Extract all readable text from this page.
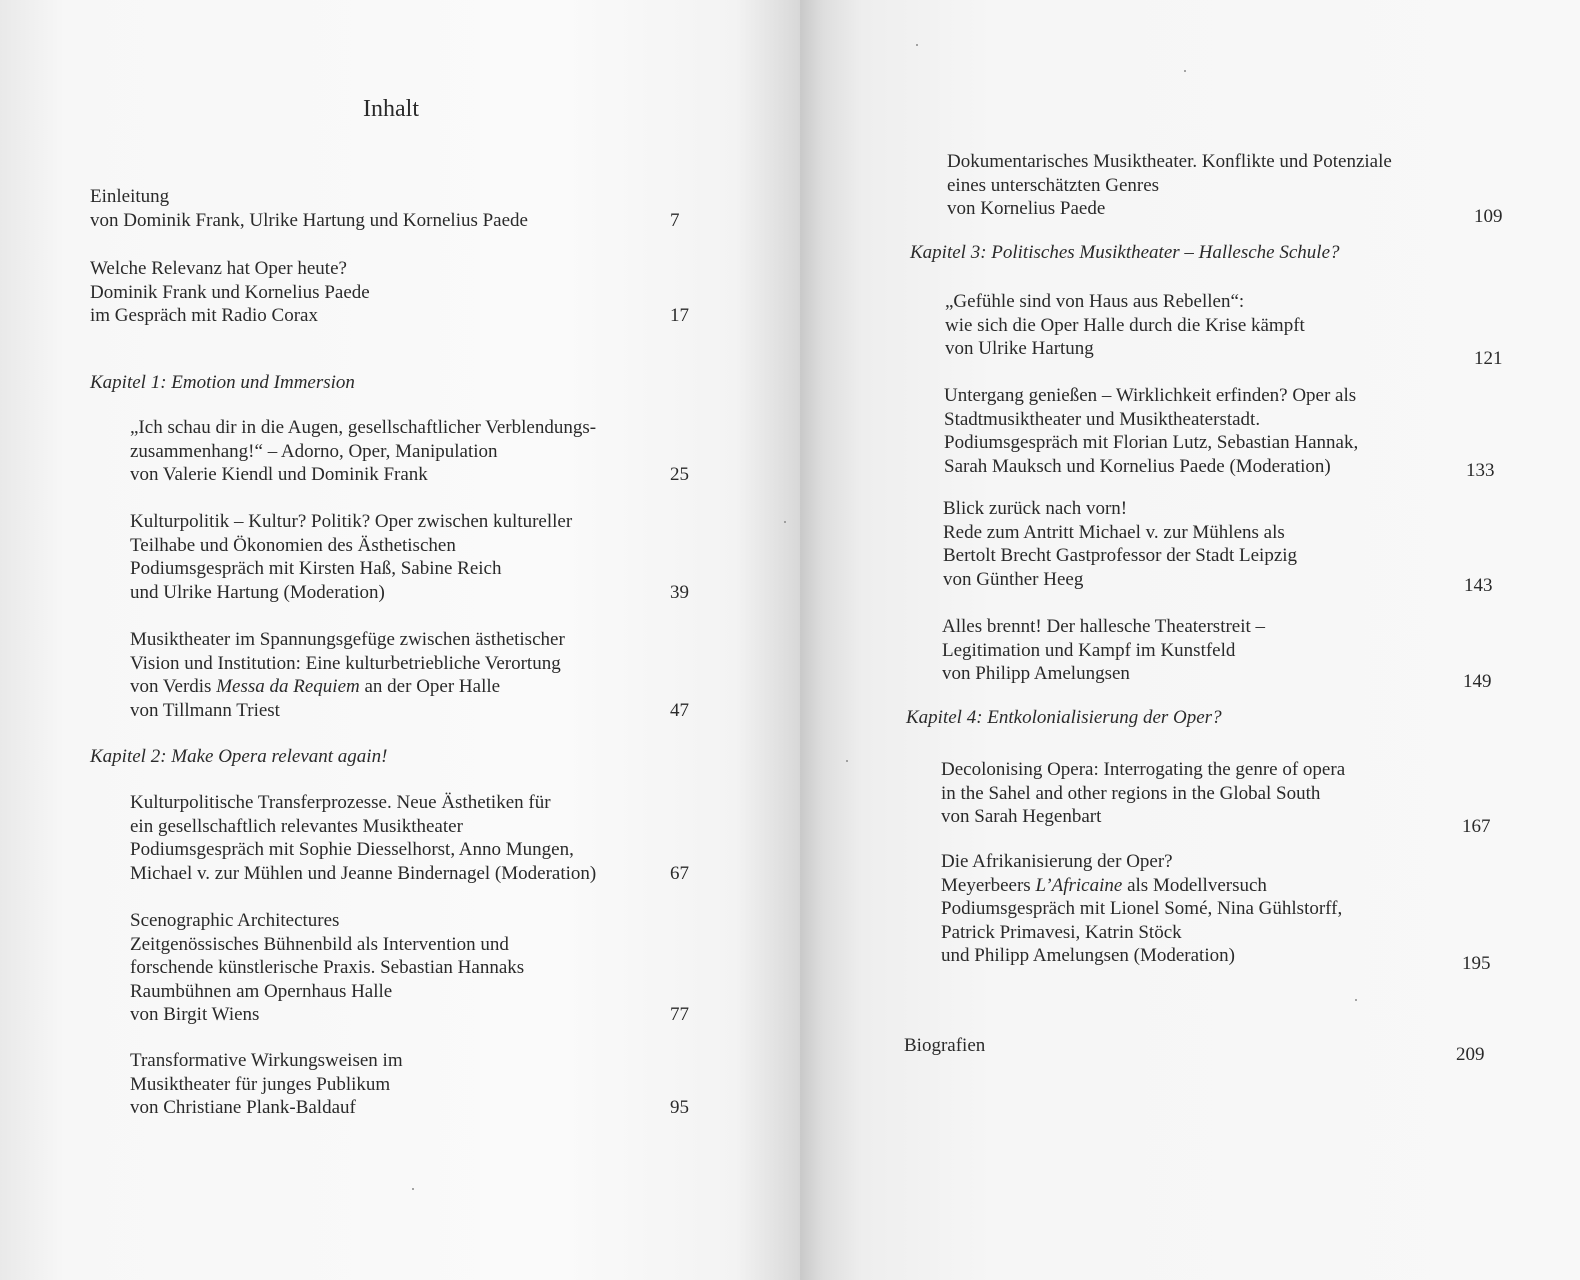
Inhalt
Einleitung
von Dominik Frank, Ulrike Hartung und Kornelius Paede	7
Welche Relevanz hat Oper heute?
Dominik Frank und Kornelius Paede
im Gespräch mit Radio Corax	17
Kapitel 1: Emotion und Immersion
„Ich schau dir in die Augen, gesellschaftlicher Verblendungs-
zusammenhang!“ – Adorno, Oper, Manipulation
von Valerie Kiendl und Dominik Frank	25
Kulturpolitik – Kultur? Politik? Oper zwischen kultureller
Teilhabe und Ökonomien des Ästhetischen
Podiumsgespräch mit Kirsten Haß, Sabine Reich
und Ulrike Hartung (Moderation)	39
Musiktheater im Spannungsgefüge zwischen ästhetischer
Vision und Institution: Eine kulturbetriebliche Verortung
von Verdis Messa da Requiem an der Oper Halle
von Tillmann Triest	47
Kapitel 2: Make Opera relevant again!
Kulturpolitische Transferprozesse. Neue Ästhetiken für
ein gesellschaftlich relevantes Musiktheater
Podiumsgespräch mit Sophie Diesselhorst, Anno Mungen,
Michael v. zur Mühlen und Jeanne Bindernagel (Moderation)	67
Scenographic Architectures
Zeitgenössisches Bühnenbild als Intervention und
forschende künstlerische Praxis. Sebastian Hannaks
Raumbühnen am Opernhaus Halle
von Birgit Wiens	77
Transformative Wirkungsweisen im
Musiktheater für junges Publikum
von Christiane Plank-Baldauf	95
Dokumentarisches Musiktheater. Konflikte und Potenziale
eines unterschätzten Genres
von Kornelius Paede	109
Kapitel 3: Politisches Musiktheater – Hallesche Schule?
„Gefühle sind von Haus aus Rebellen“:
wie sich die Oper Halle durch die Krise kämpft
von Ulrike Hartung	121
Untergang genießen – Wirklichkeit erfinden? Oper als
Stadtmusiktheater und Musiktheaterstadt.
Podiumsgespräch mit Florian Lutz, Sebastian Hannak,
Sarah Mauksch und Kornelius Paede (Moderation)	133
Blick zurück nach vorn!
Rede zum Antritt Michael v. zur Mühlens als
Bertolt Brecht Gastprofessor der Stadt Leipzig
von Günther Heeg	143
Alles brennt! Der hallesche Theaterstreit –
Legitimation und Kampf im Kunstfeld
von Philipp Amelungsen	149
Kapitel 4: Entkolonialisierung der Oper?
Decolonising Opera: Interrogating the genre of opera
in the Sahel and other regions in the Global South
von Sarah Hegenbart	167
Die Afrikanisierung der Oper?
Meyerbeers L’Africaine als Modellversuch
Podiumsgespräch mit Lionel Somé, Nina Gühlstorff,
Patrick Primavesi, Katrin Stöck
und Philipp Amelungsen (Moderation)	195
Biografien	209
